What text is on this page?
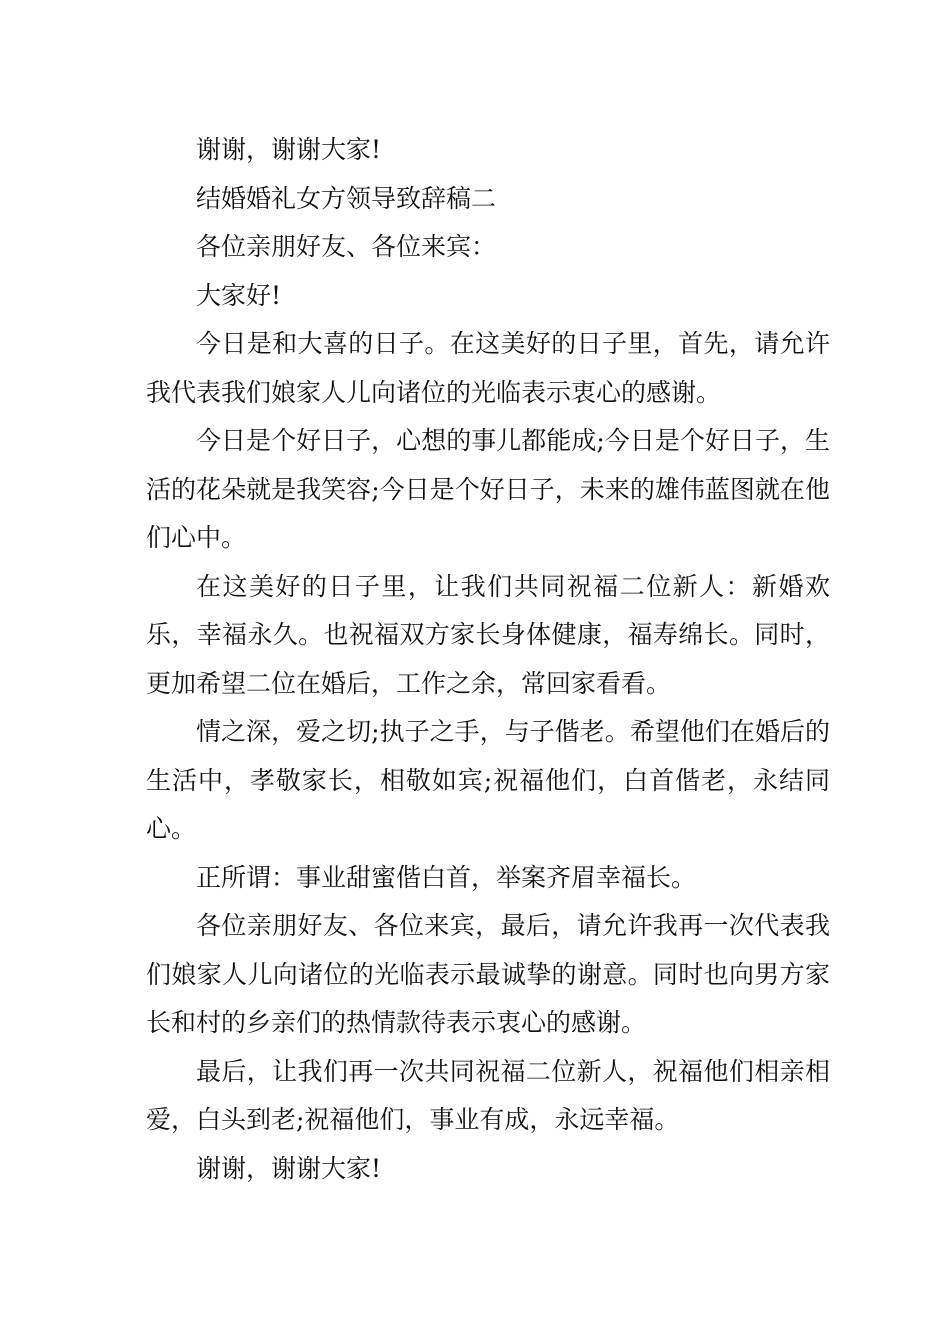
谢谢，谢谢大家!

结婚婚礼女方领导致辞稿二

各位亲朋好友、各位来宾：

大家好!

今日是和大喜的日子。在这美好的日子里，首先，请允许我代表我们娘家人儿向诸位的光临表示衷心的感谢。

今日是个好日子，心想的事儿都能成;今日是个好日子，生活的花朵就是我笑容;今日是个好日子，未来的雄伟蓝图就在他们心中。

在这美好的日子里，让我们共同祝福二位新人：新婚欢乐，幸福永久。也祝福双方家长身体健康，福寿绵长。同时，更加希望二位在婚后，工作之余，常回家看看。

情之深，爱之切;执子之手，与子偕老。希望他们在婚后的生活中，孝敬家长，相敬如宾;祝福他们，白首偕老，永结同心。

正所谓：事业甜蜜偕白首，举案齐眉幸福长。

各位亲朋好友、各位来宾，最后，请允许我再一次代表我们娘家人儿向诸位的光临表示最诚挚的谢意。同时也向男方家长和村的乡亲们的热情款待表示衷心的感谢。

最后，让我们再一次共同祝福二位新人，祝福他们相亲相爱，白头到老;祝福他们，事业有成，永远幸福。

谢谢，谢谢大家!
